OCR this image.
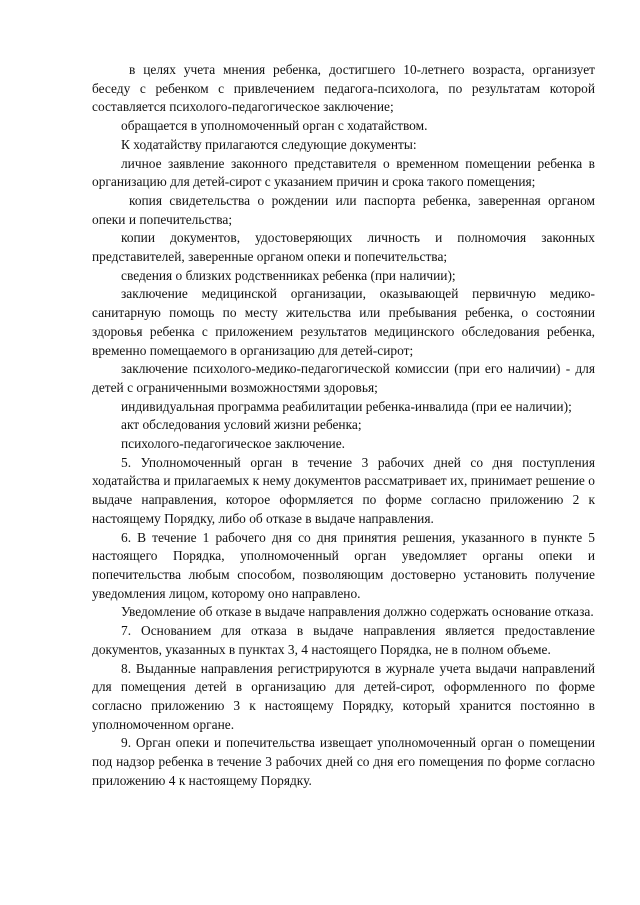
в целях учета мнения ребенка, достигшего 10-летнего возраста, организует беседу с ребенком с привлечением педагога-психолога, по результатам которой составляется психолого-педагогическое заключение;

обращается в уполномоченный орган с ходатайством.

К ходатайству прилагаются следующие документы:

личное заявление законного представителя о временном помещении ребенка в организацию для детей-сирот с указанием причин и срока такого помещения;

копия свидетельства о рождении или паспорта ребенка, заверенная органом опеки и попечительства;

копии документов, удостоверяющих личность и полномочия законных представителей, заверенные органом опеки и попечительства;

сведения о близких родственниках ребенка (при наличии);

заключение медицинской организации, оказывающей первичную медико-санитарную помощь по месту жительства или пребывания ребенка, о состоянии здоровья ребенка с приложением результатов медицинского обследования ребенка, временно помещаемого в организацию для детей-сирот;

заключение психолого-медико-педагогической комиссии (при его наличии) - для детей с ограниченными возможностями здоровья;

индивидуальная программа реабилитации ребенка-инвалида (при ее наличии);

акт обследования условий жизни ребенка;

психолого-педагогическое заключение.

5. Уполномоченный орган в течение 3 рабочих дней со дня поступления ходатайства и прилагаемых к нему документов рассматривает их, принимает решение о выдаче направления, которое оформляется по форме согласно приложению 2 к настоящему Порядку, либо об отказе в выдаче направления.

6. В течение 1 рабочего дня со дня принятия решения, указанного в пункте 5 настоящего Порядка, уполномоченный орган уведомляет органы опеки и попечительства любым способом, позволяющим достоверно установить получение уведомления лицом, которому оно направлено.

Уведомление об отказе в выдаче направления должно содержать основание отказа.

7. Основанием для отказа в выдаче направления является предоставление документов, указанных в пунктах 3, 4 настоящего Порядка, не в полном объеме.

8. Выданные направления регистрируются в журнале учета выдачи направлений для помещения детей в организацию для детей-сирот, оформленного по форме согласно приложению 3 к настоящему Порядку, который хранится постоянно в уполномоченном органе.

9. Орган опеки и попечительства извещает уполномоченный орган о помещении под надзор ребенка в течение 3 рабочих дней со дня его помещения по форме согласно приложению 4 к настоящему Порядку.
